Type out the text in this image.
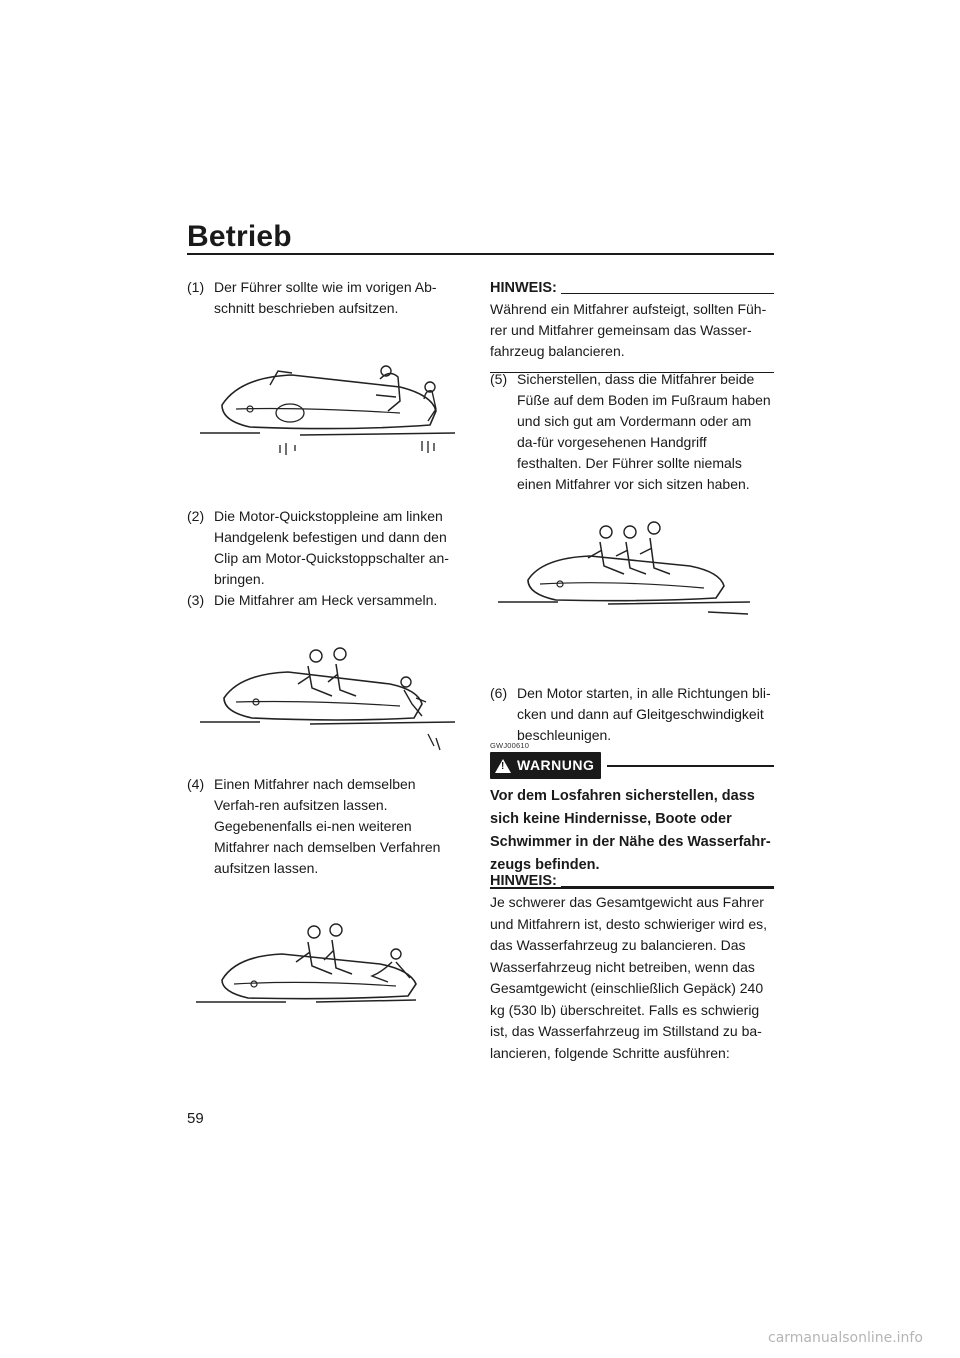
Betrieb
(1) Der Führer sollte wie im vorigen Ab-schnitt beschrieben aufsitzen.
(2) Die Motor-Quickstoppleine am linken Handgelenk befestigen und dann den Clip am Motor-Quickstoppschalter an-bringen.
(3) Die Mitfahrer am Heck versammeln.
(4) Einen Mitfahrer nach demselben Verfah-ren aufsitzen lassen. Gegebenenfalls ei-nen weiteren Mitfahrer nach demselben Verfahren aufsitzen lassen.
HINWEIS:

Während ein Mitfahrer aufsteigt, sollten Füh-rer und Mitfahrer gemeinsam das Wasser-fahrzeug balancieren.

(5) Sicherstellen, dass die Mitfahrer beide Füße auf dem Boden im Fußraum haben und sich gut am Vordermann oder am da-für vorgesehenen Handgriff festhalten. Der Führer sollte niemals einen Mitfahrer vor sich sitzen haben.
(6) Den Motor starten, in alle Richtungen bli-cken und dann auf Gleitgeschwindigkeit beschleunigen.
GWJ00610
! WARNUNG

Vor dem Losfahren sicherstellen, dass sich keine Hindernisse, Boote oder Schwimmer in der Nähe des Wasserfahr-zeugs befinden.

HINWEIS:

Je schwerer das Gesamtgewicht aus Fahrer und Mitfahrern ist, desto schwieriger wird es, das Wasserfahrzeug zu balancieren. Das Wasserfahrzeug nicht betreiben, wenn das Gesamtgewicht (einschließlich Gepäck) 240 kg (530 lb) überschreitet. Falls es schwierig ist, das Wasserfahrzeug im Stillstand zu ba-lancieren, folgende Schritte ausführen:

59
carmanualsonline.info
